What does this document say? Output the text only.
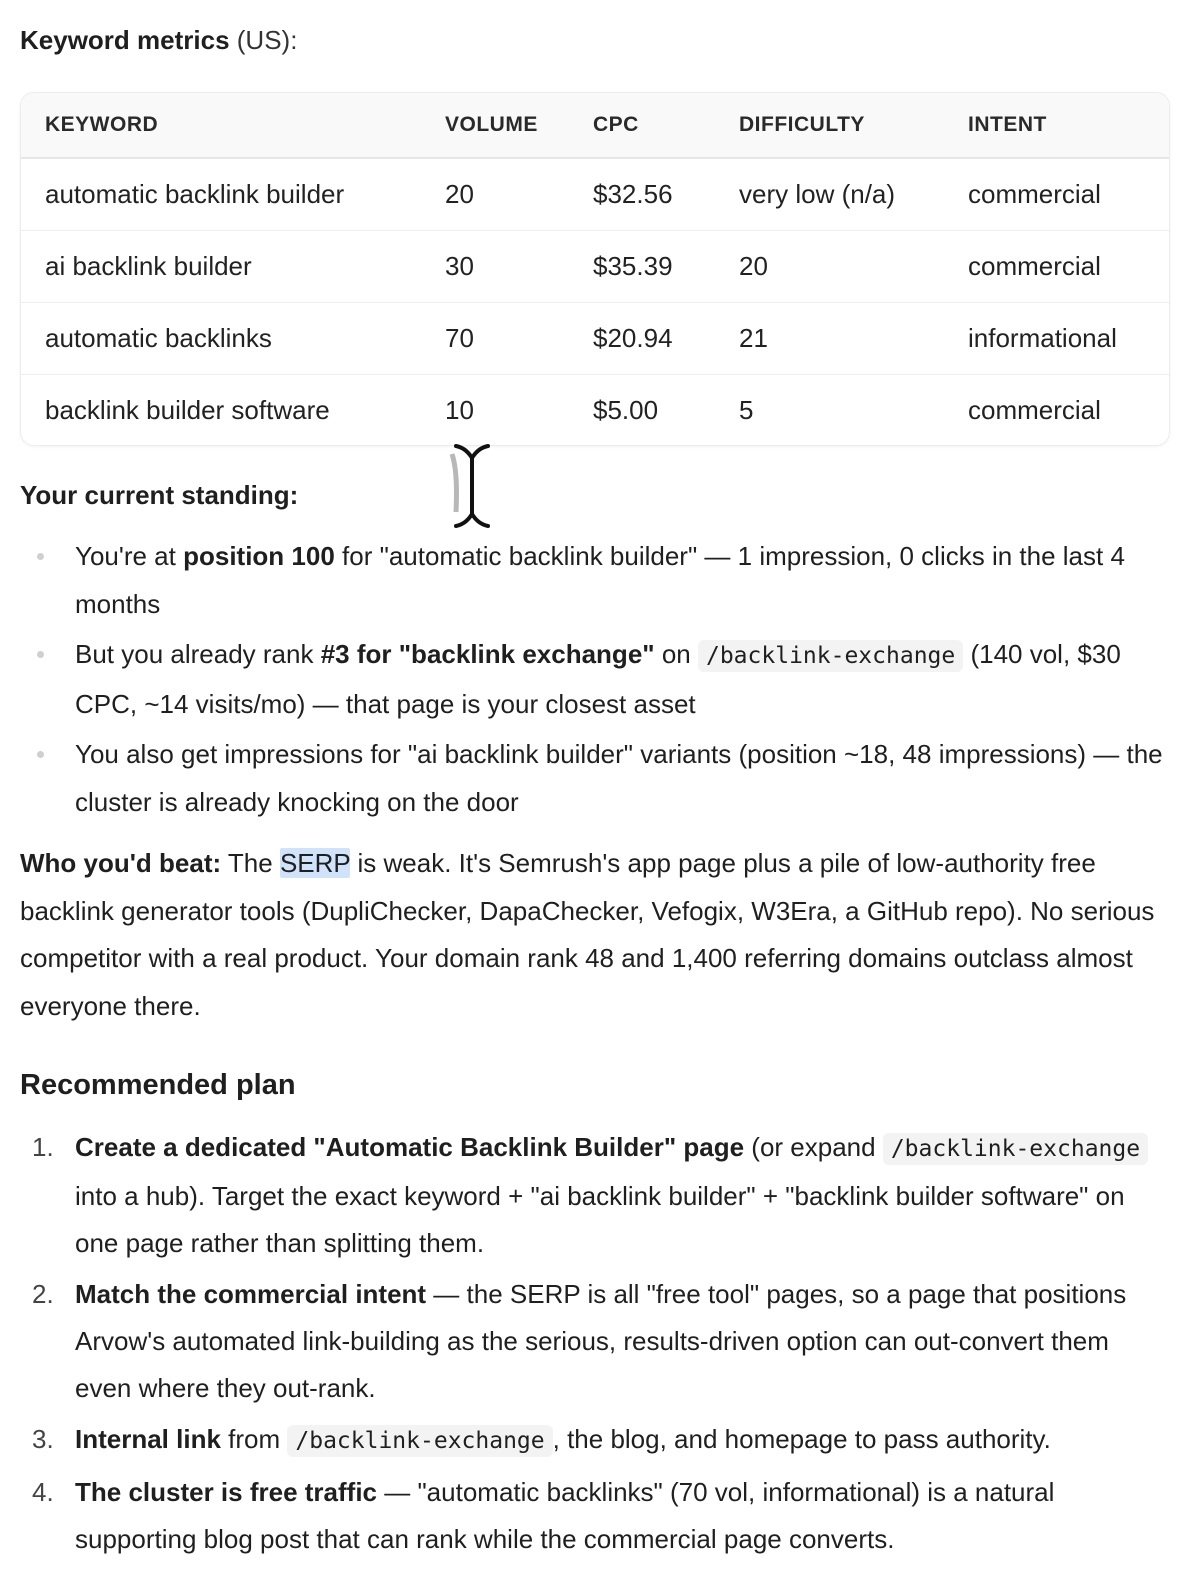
Keyword metrics (US):
KEYWORD	VOLUME	CPC	DIFFICULTY	INTENT
automatic backlink builder	20	$32.56	very low (n/a)	commercial
ai backlink builder	30	$35.39	20	commercial
automatic backlinks	70	$20.94	21	informational
backlink builder software	10	$5.00	5	commercial
Your current standing:
You're at position 100 for "automatic backlink builder" — 1 impression, 0 clicks in the last 4 months
But you already rank #3 for "backlink exchange" on /backlink-exchange (140 vol, $30 CPC, ~14 visits/mo) — that page is your closest asset
You also get impressions for "ai backlink builder" variants (position ~18, 48 impressions) — the cluster is already knocking on the door
Who you'd beat: The SERP is weak. It's Semrush's app page plus a pile of low-authority free backlink generator tools (DupliChecker, DapaChecker, Vefogix, W3Era, a GitHub repo). No serious competitor with a real product. Your domain rank 48 and 1,400 referring domains outclass almost everyone there.
Recommended plan
1. Create a dedicated "Automatic Backlink Builder" page (or expand /backlink-exchange into a hub). Target the exact keyword + "ai backlink builder" + "backlink builder software" on one page rather than splitting them.
2. Match the commercial intent — the SERP is all "free tool" pages, so a page that positions Arvow's automated link-building as the serious, results-driven option can out-convert them even where they out-rank.
3. Internal link from /backlink-exchange , the blog, and homepage to pass authority.
4. The cluster is free traffic — "automatic backlinks" (70 vol, informational) is a natural supporting blog post that can rank while the commercial page converts.
